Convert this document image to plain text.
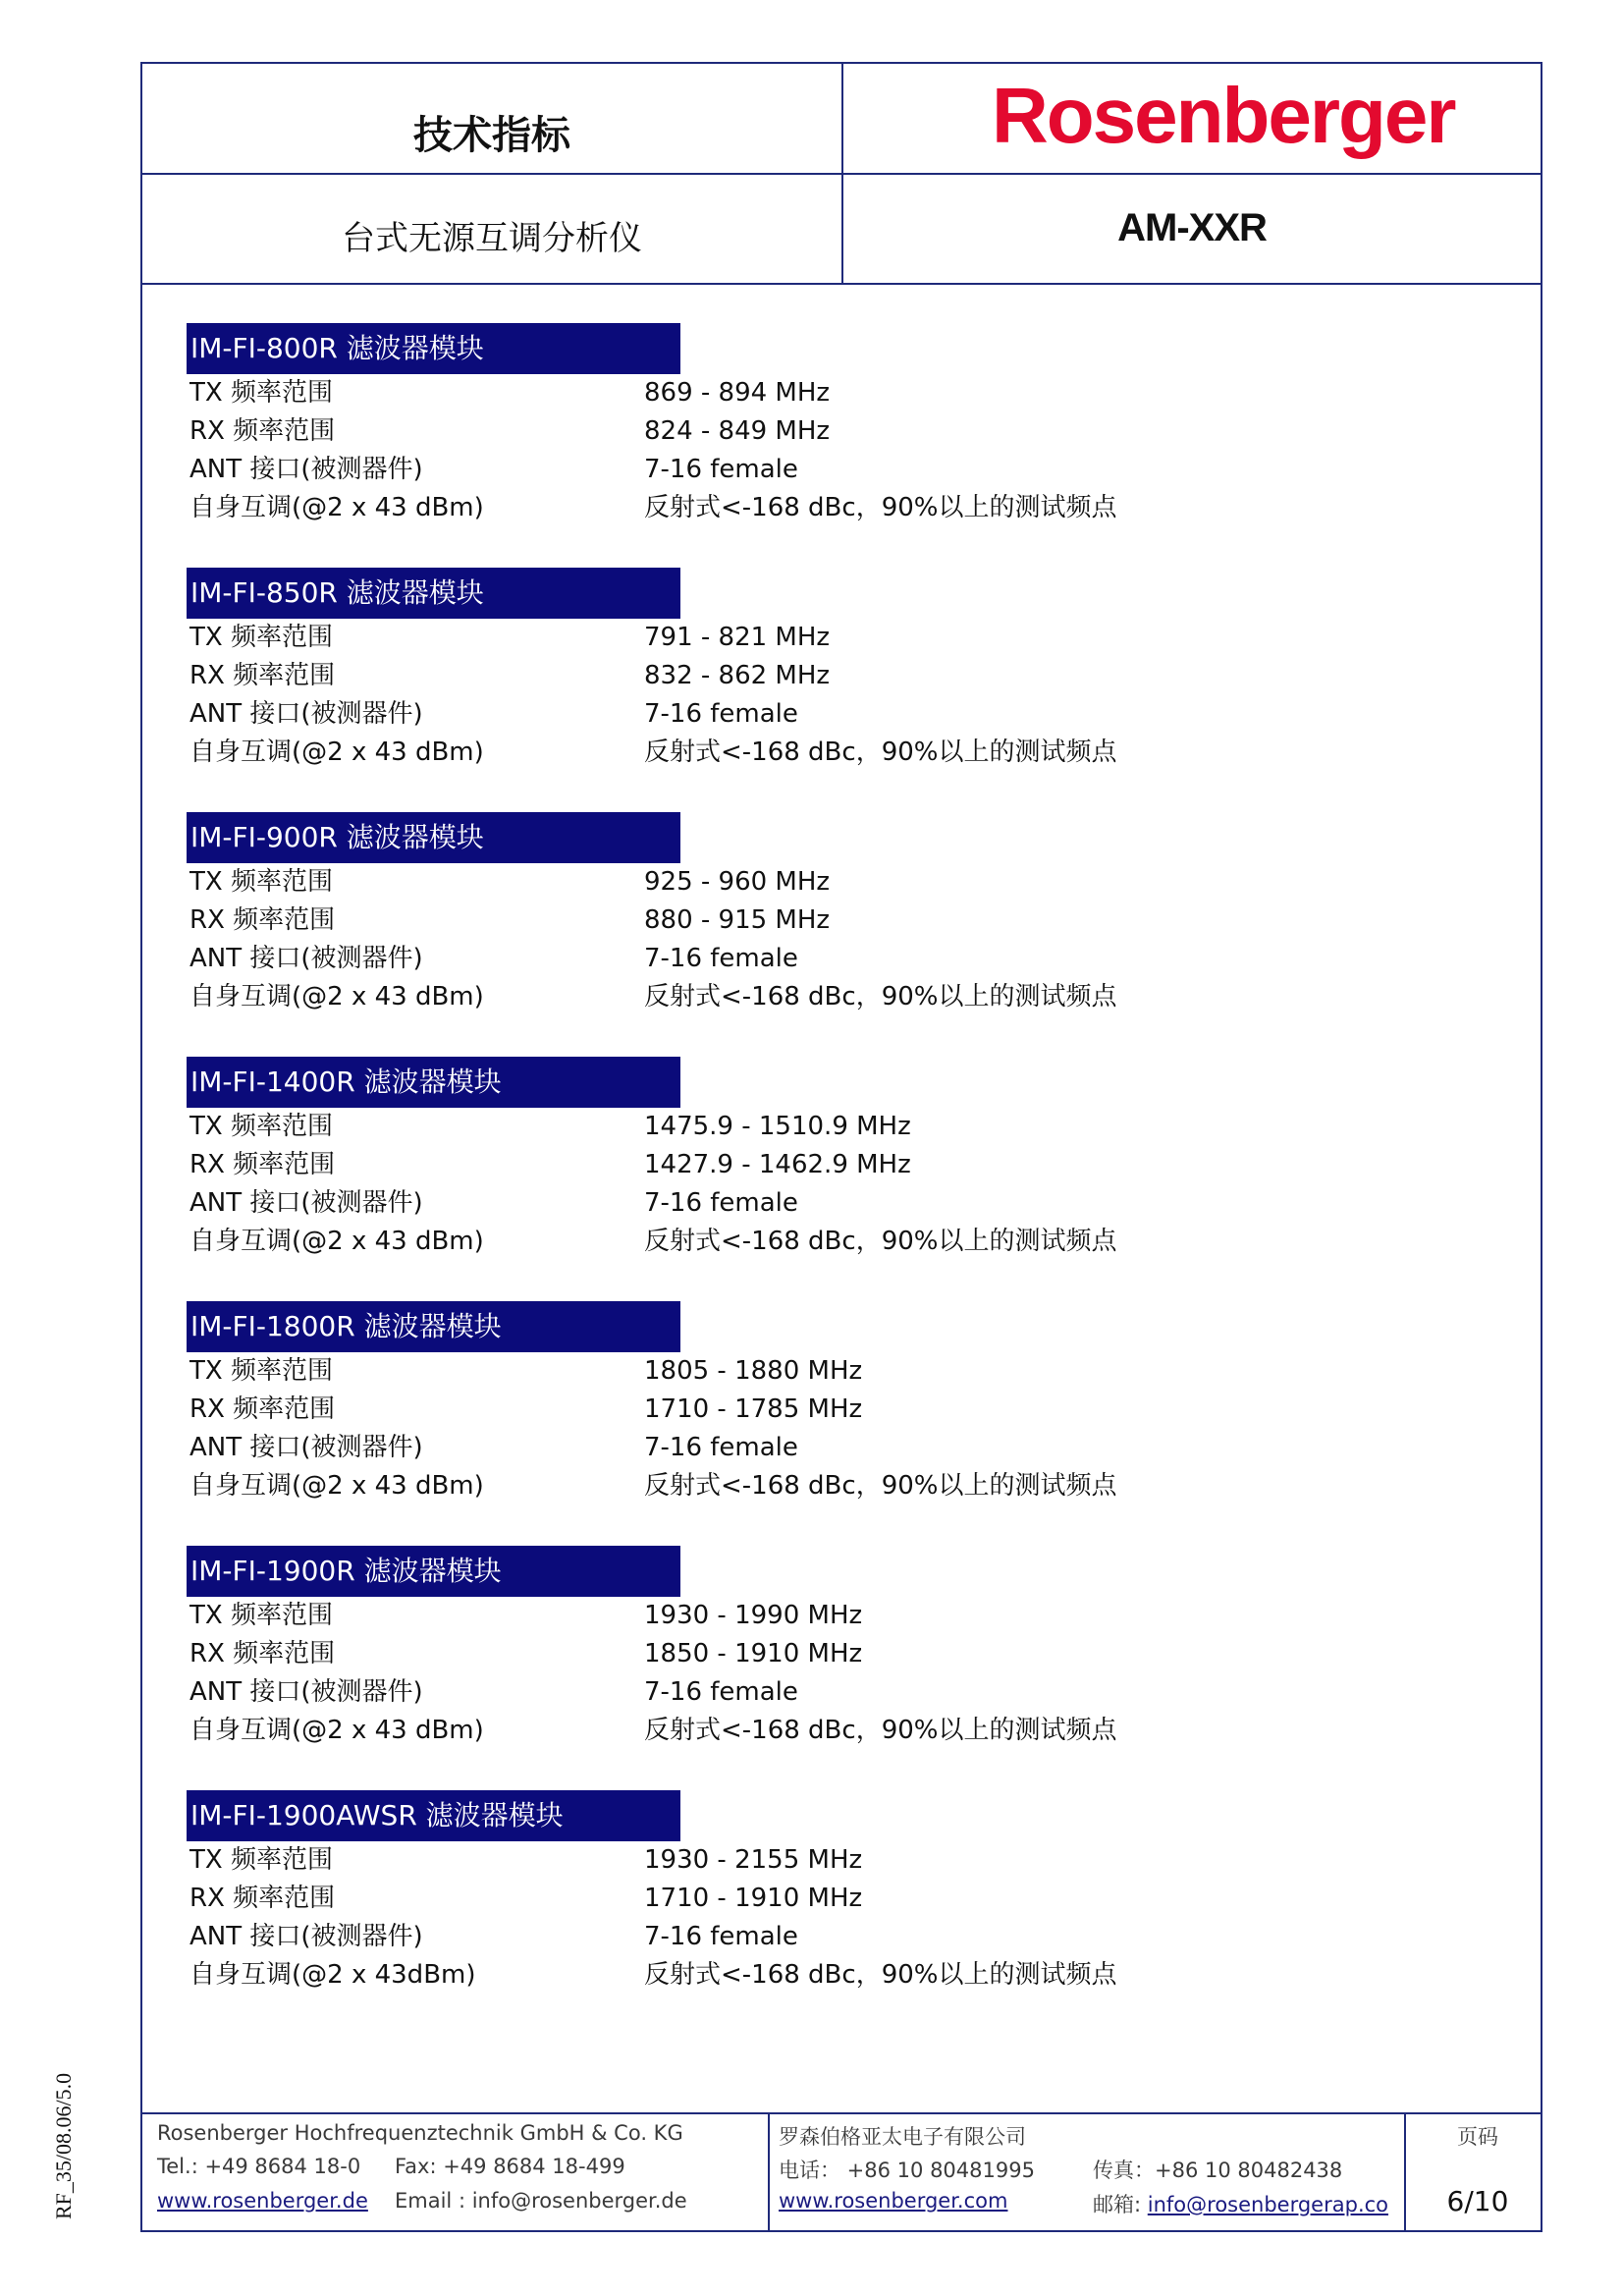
技术指标	Rosenberger
台式无源互调分析仪	AM-XXR
IM-FI-800R 滤波器模块
TX 频率范围	869 - 894 MHz
RX 频率范围	824 - 849 MHz
ANT 接口(被测器件)	7-16 female
自身互调(@2 x 43 dBm)	反射式<-168 dBc，90%以上的测试频点
IM-FI-850R 滤波器模块
TX 频率范围	791 - 821 MHz
RX 频率范围	832 - 862 MHz
ANT 接口(被测器件)	7-16 female
自身互调(@2 x 43 dBm)	反射式<-168 dBc，90%以上的测试频点
IM-FI-900R 滤波器模块
TX 频率范围	925 - 960 MHz
RX 频率范围	880 - 915 MHz
ANT 接口(被测器件)	7-16 female
自身互调(@2 x 43 dBm)	反射式<-168 dBc，90%以上的测试频点
IM-FI-1400R 滤波器模块
TX 频率范围	1475.9 - 1510.9 MHz
RX 频率范围	1427.9 - 1462.9 MHz
ANT 接口(被测器件)	7-16 female
自身互调(@2 x 43 dBm)	反射式<-168 dBc，90%以上的测试频点
IM-FI-1800R 滤波器模块
TX 频率范围	1805 - 1880 MHz
RX 频率范围	1710 - 1785 MHz
ANT 接口(被测器件)	7-16 female
自身互调(@2 x 43 dBm)	反射式<-168 dBc，90%以上的测试频点
IM-FI-1900R 滤波器模块
TX 频率范围	1930 - 1990 MHz
RX 频率范围	1850 - 1910 MHz
ANT 接口(被测器件)	7-16 female
自身互调(@2 x 43 dBm)	反射式<-168 dBc，90%以上的测试频点
IM-FI-1900AWSR 滤波器模块
TX 频率范围	1930 - 2155 MHz
RX 频率范围	1710 - 1910 MHz
ANT 接口(被测器件)	7-16 female
自身互调(@2 x 43dBm)	反射式<-168 dBc，90%以上的测试频点
Rosenberger Hochfrequenztechnik GmbH & Co. KG
Tel.: +49 8684 18-0 Fax: +49 8684 18-499
www.rosenberger.de Email : info@rosenberger.de
罗森伯格亚太电子有限公司
电话： +86 10 80481995	传真：+86 10 80482438
www.rosenberger.com	邮箱: info@rosenbergerap.co
页码
6/10
RF_35/08.06/5.0
